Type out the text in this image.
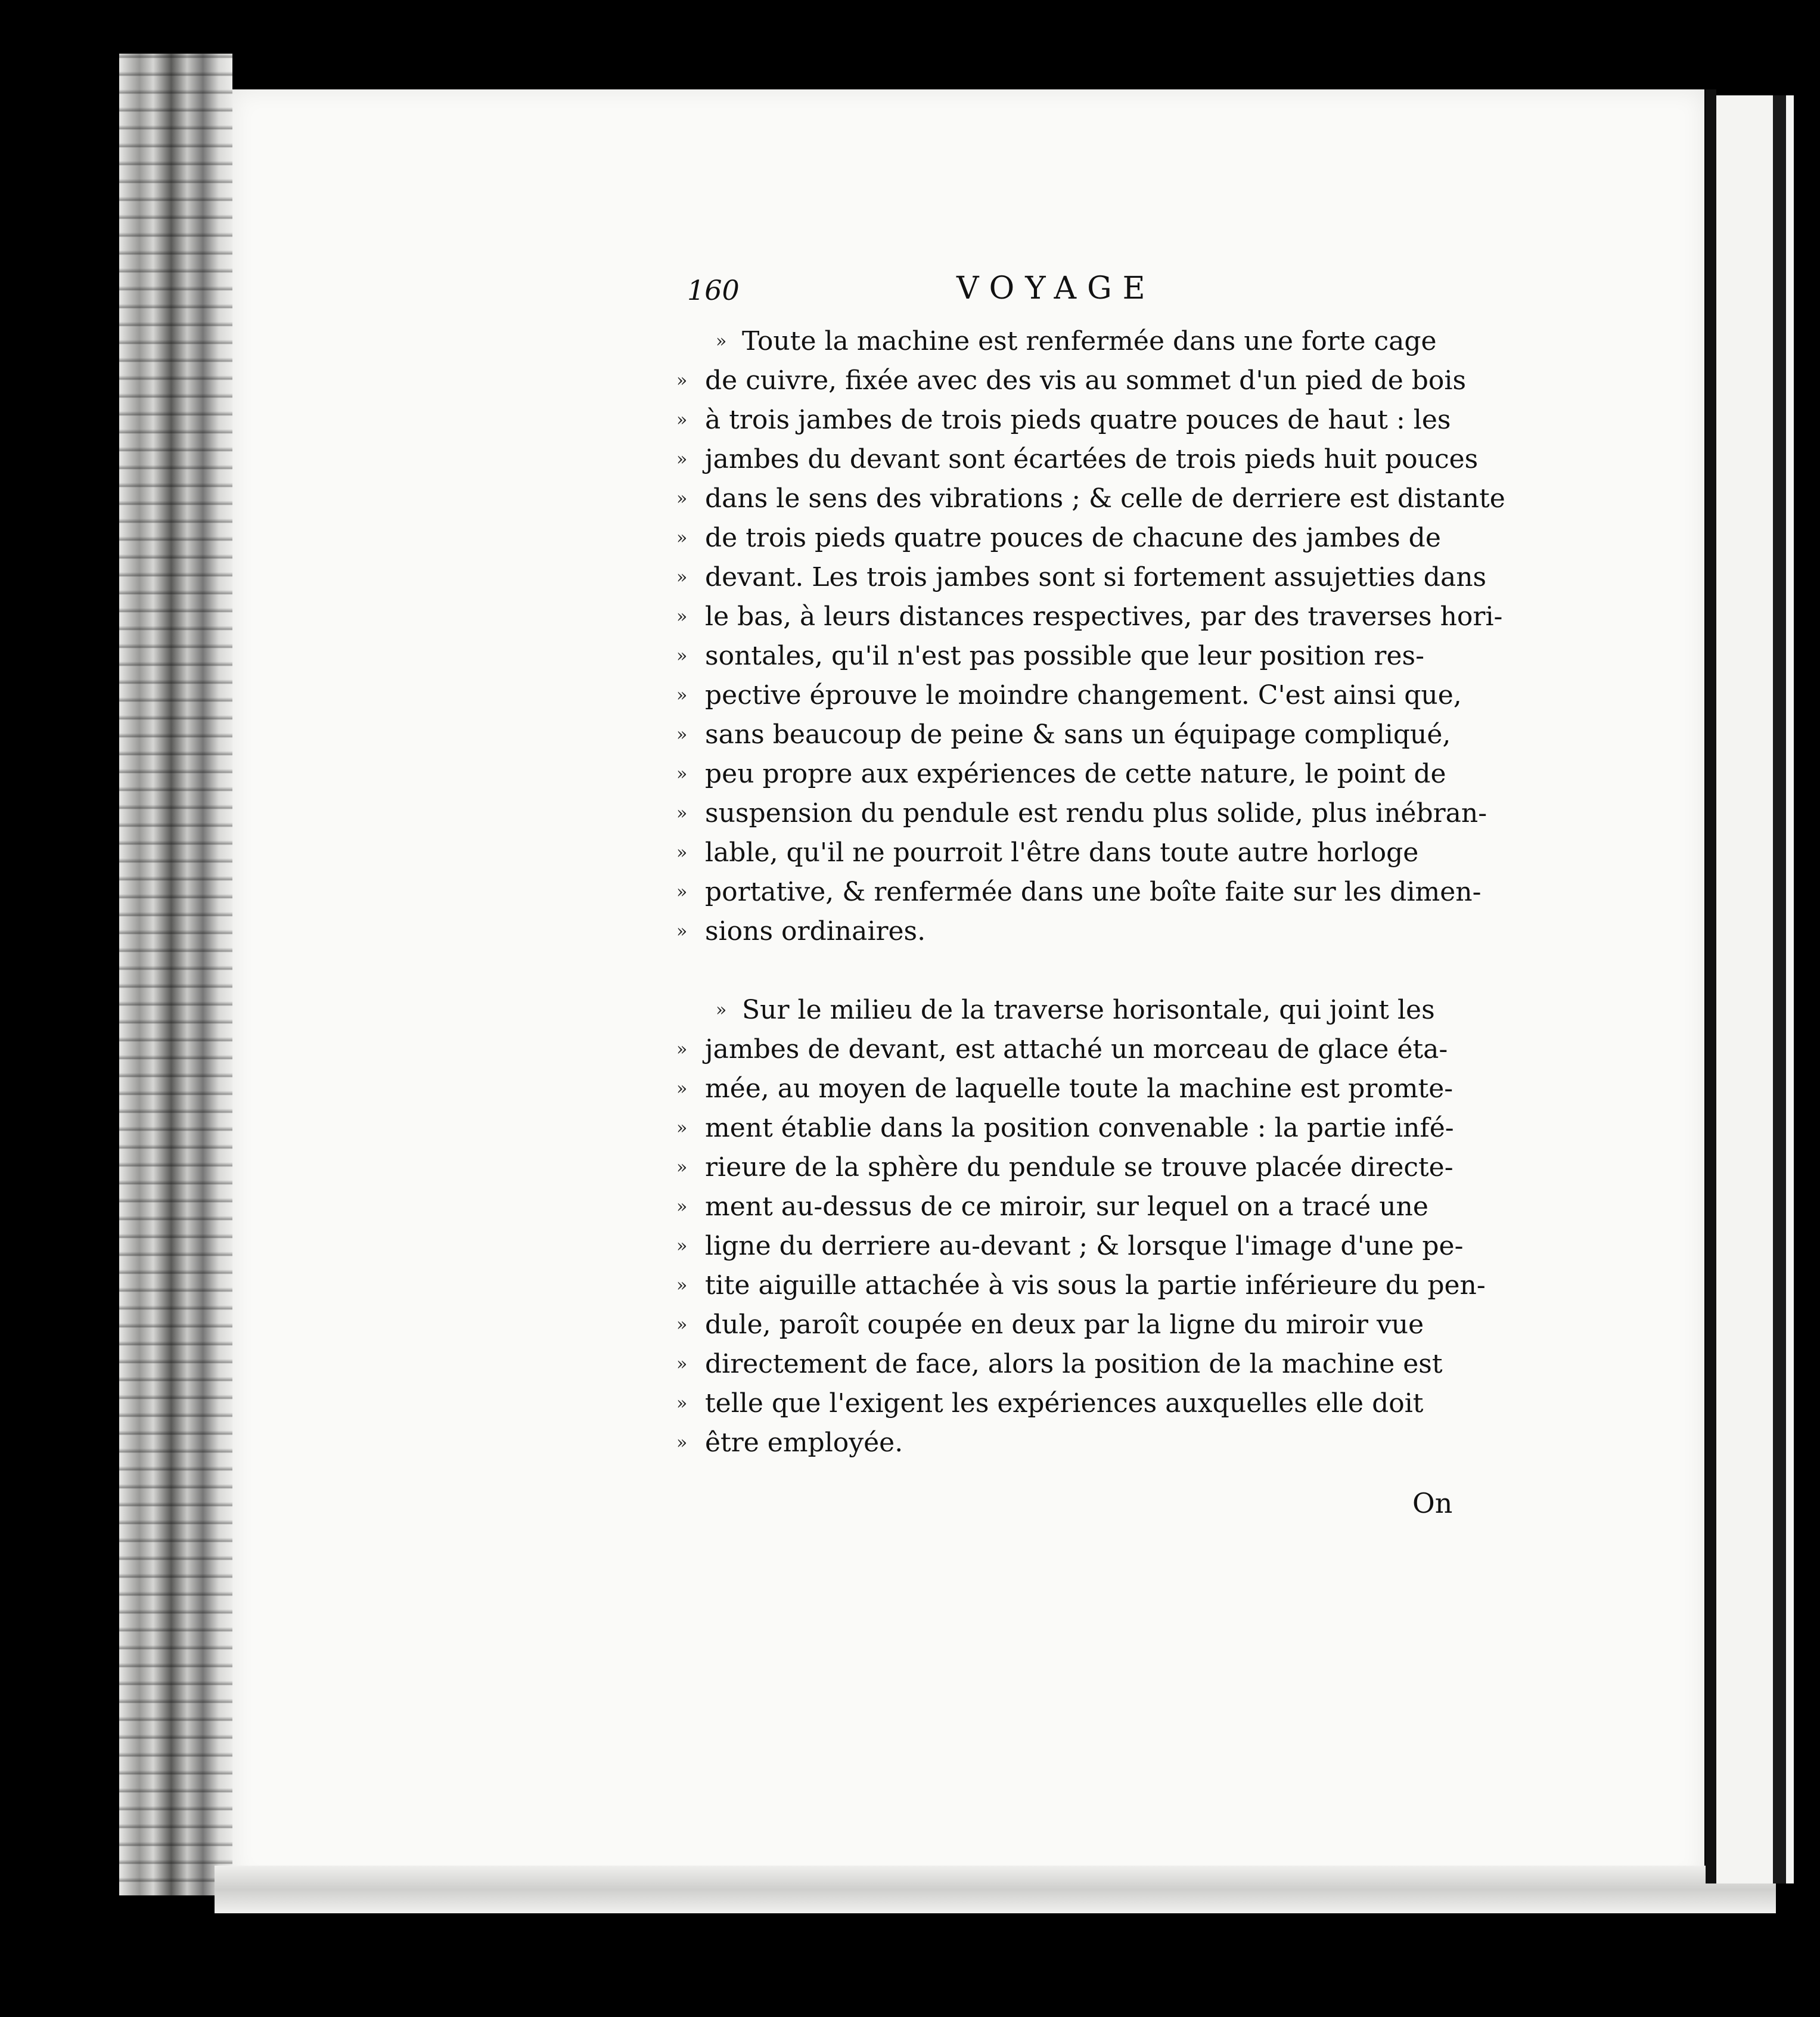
160	VOYAGE
» Toute la machine est renfermée dans une forte cage
» de cuivre, fixée avec des vis au sommet d'un pied de bois
» à trois jambes de trois pieds quatre pouces de haut : les
» jambes du devant sont écartées de trois pieds huit pouces
» dans le sens des vibrations ; & celle de derriere est distante
» de trois pieds quatre pouces de chacune des jambes de
» devant. Les trois jambes sont si fortement assujetties dans
» le bas, à leurs distances respectives, par des traverses hori-
» sontales, qu'il n'est pas possible que leur position res-
» pective éprouve le moindre changement. C'est ainsi que,
» sans beaucoup de peine & sans un équipage compliqué,
» peu propre aux expériences de cette nature, le point de
» suspension du pendule est rendu plus solide, plus inébran-
» lable, qu'il ne pourroit l'être dans toute autre horloge
» portative, & renfermée dans une boîte faite sur les dimen-
» sions ordinaires.
» Sur le milieu de la traverse horisontale, qui joint les
» jambes de devant, est attaché un morceau de glace éta-
» mée, au moyen de laquelle toute la machine est promte-
» ment établie dans la position convenable : la partie infé-
» rieure de la sphère du pendule se trouve placée directe-
» ment au-dessus de ce miroir, sur lequel on a tracé une
» ligne du derriere au-devant ; & lorsque l'image d'une pe-
» tite aiguille attachée à vis sous la partie inférieure du pen-
» dule, paroît coupée en deux par la ligne du miroir vue
» directement de face, alors la position de la machine est
» telle que l'exigent les expériences auxquelles elle doit
» être employée.
On
